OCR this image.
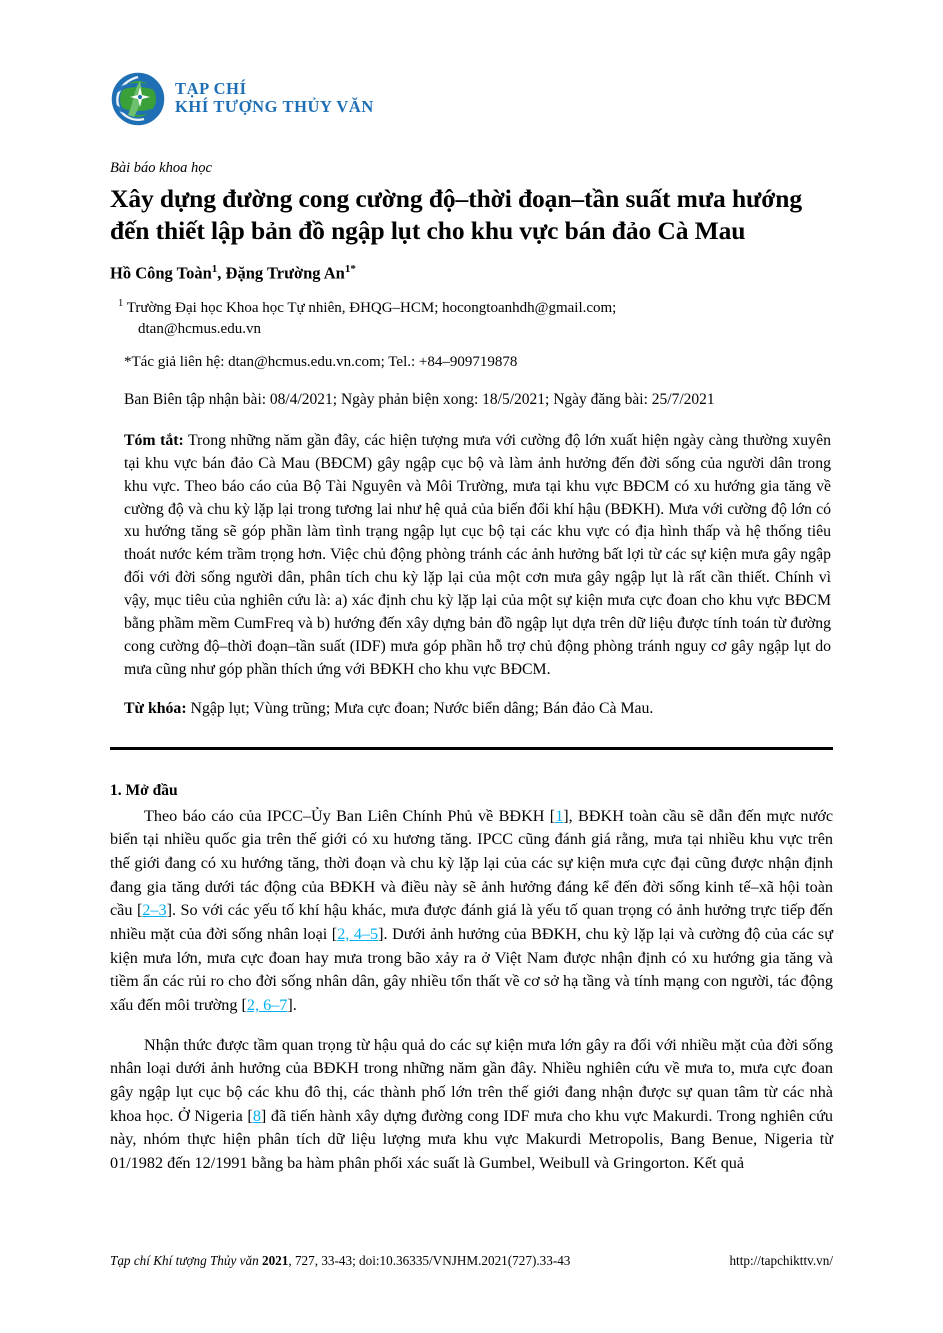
TẠP CHÍ
KHÍ TƯỢNG THỦY VĂN
Bài báo khoa học
Xây dựng đường cong cường độ–thời đoạn–tần suất mưa hướng đến thiết lập bản đồ ngập lụt cho khu vực bán đảo Cà Mau
Hồ Công Toàn$^1$, Đặng Trường $An^{1*}$
$^1$ Trường Đại học Khoa học Tự nhiên, ĐHQG–HCM; hocongtoanhdh@gmail.com;
dtan@hcmus.edu.vn
*Tác giả liên hệ: dtan@hcmus.edu.vn.com; Tel.: +84–909719878
Ban Biên tập nhận bài: 08/4/2021; Ngày phản biện xong: 18/5/2021; Ngày đăng bài: 25/7/2021
Tóm tắt: Trong những năm gần đây, các hiện tượng mưa với cường độ lớn xuất hiện ngày càng thường xuyên tại khu vực bán đảo Cà Mau (BĐCM) gây ngập cục bộ và làm ảnh hưởng đến đời sống của người dân trong khu vực. Theo báo cáo của Bộ Tài Nguyên và Môi Trường, mưa tại khu vực BĐCM có xu hướng gia tăng về cường độ và chu kỳ lặp lại trong tương lai như hệ quả của biến đổi khí hậu (BĐKH). Mưa với cường độ lớn có xu hướng tăng sẽ góp phần làm tình trạng ngập lụt cục bộ tại các khu vực có địa hình thấp và hệ thống tiêu thoát nước kém trầm trọng hơn. Việc chủ động phòng tránh các ảnh hưởng bất lợi từ các sự kiện mưa gây ngập đối với đời sống người dân, phân tích chu kỳ lặp lại của một cơn mưa gây ngập lụt là rất cần thiết. Chính vì vậy, mục tiêu của nghiên cứu là: a) xác định chu kỳ lặp lại của một sự kiện mưa cực đoan cho khu vực BĐCM bằng phầm mềm CumFreq và b) hướng đến xây dựng bản đồ ngập lụt dựa trên dữ liệu được tính toán từ đường cong cường độ–thời đoạn–tần suất (IDF) mưa góp phần hỗ trợ chủ động phòng tránh nguy cơ gây ngập lụt do mưa cũng như góp phần thích ứng với BĐKH cho khu vực BĐCM.
Từ khóa: Ngập lụt; Vùng trũng; Mưa cực đoan; Nước biển dâng; Bán đảo Cà Mau.
1. Mở đầu

Theo báo cáo của IPCC–Ủy Ban Liên Chính Phủ về BĐKH [1], BĐKH toàn cầu sẽ dẫn đến mực nước biển tại nhiều quốc gia trên thế giới có xu hương tăng. IPCC cũng đánh giá rằng, mưa tại nhiều khu vực trên thế giới đang có xu hướng tăng, thời đoạn và chu kỳ lặp lại của các sự kiện mưa cực đại cũng được nhận định đang gia tăng dưới tác động của BĐKH và điều này sẽ ảnh hưởng đáng kể đến đời sống kinh tế–xã hội toàn cầu [2–3]. So với các yếu tố khí hậu khác, mưa được đánh giá là yếu tố quan trọng có ảnh hưởng trực tiếp đến nhiều mặt của đời sống nhân loại [2, 4–5]. Dưới ảnh hưởng của BĐKH, chu kỳ lặp lại và cường độ của các sự kiện mưa lớn, mưa cực đoan hay mưa trong bão xảy ra ở Việt Nam được nhận định có xu hướng gia tăng và tiềm ẩn các rủi ro cho đời sống nhân dân, gây nhiều tổn thất về cơ sở hạ tầng và tính mạng con người, tác động xấu đến môi trường [2, 6–7].

Nhận thức được tầm quan trọng từ hậu quả do các sự kiện mưa lớn gây ra đối với nhiều mặt của đời sống nhân loại dưới ảnh hưởng của BĐKH trong những năm gần đây. Nhiều nghiên cứu về mưa to, mưa cực đoan gây ngập lụt cục bộ các khu đô thị, các thành phố lớn trên thế giới đang nhận được sự quan tâm từ các nhà khoa học. Ở Nigeria [8] đã tiến hành xây dựng đường cong IDF mưa cho khu vực Makurdi. Trong nghiên cứu này, nhóm thực hiện phân tích dữ liệu lượng mưa khu vực Makurdi Metropolis, Bang Benue, Nigeria từ 01/1982 đến 12/1991 bằng ba hàm phân phối xác suất là Gumbel, Weibull và Gringorton. Kết quả

Tạp chí Khí tượng Thủy văn 2021, 727, 33-43; doi:10.36335/VNJHM.2021(727).33-43	http://tapchikttv.vn/
